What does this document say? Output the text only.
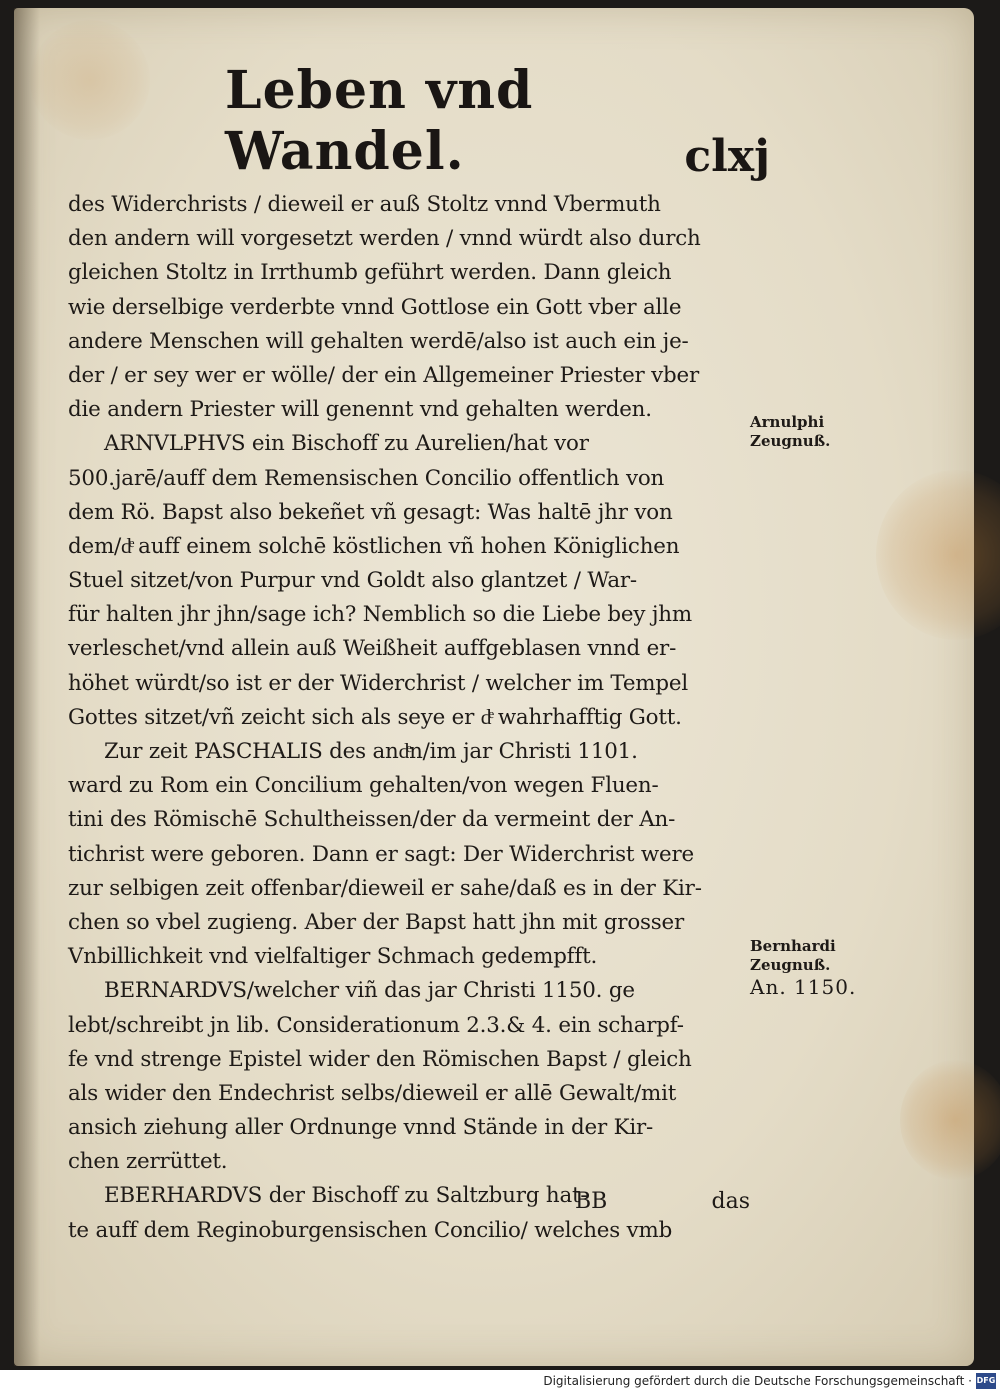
Leben vnd Wandel.	clxj
des Widerchrists / dieweil er auß Stoltz vnnd Vbermuth
den andern will vorgesetzt werden / vnnd würdt also durch
gleichen Stoltz in Irrthumb geführt werden. Dann gleich
wie derselbige verderbte vnnd Gottlose ein Gott vber alle
andere Menschen will gehalten werdē/also ist auch ein je-
der / er sey wer er wölle/ der ein Allgemeiner Priester vber
die andern Priester will genennt vnd gehalten werden.
ARNVLPHVS ein Bischoff zu Aurelien/hat vor
500.jarē/auff dem Remensischen Concilio offentlich von
dem Rö. Bapst also bekeñet vñ gesagt: Was haltē jhr von
dem/dͤ auff einem solchē köstlichen vñ hohen Königlichen
Stuel sitzet/von Purpur vnd Goldt also glantzet / War-
für halten jhr jhn/sage ich? Nemblich so die Liebe bey jhm
verleschet/vnd allein auß Weißheit auffgeblasen vnnd er-
höhet würdt/so ist er der Widerchrist / welcher im Tempel
Gottes sitzet/vñ zeicht sich als seye er dͤ wahrhafftig Gott.
Zur zeit PASCHALIS des andͤn/im jar Christi 1101.
ward zu Rom ein Concilium gehalten/von wegen Fluen-
tini des Römischē Schultheissen/der da vermeint der An-
tichrist were geboren. Dann er sagt: Der Widerchrist were
zur selbigen zeit offenbar/dieweil er sahe/daß es in der Kir-
chen so vbel zugieng. Aber der Bapst hatt jhn mit grosser
Vnbillichkeit vnd vielfaltiger Schmach gedempfft.
BERNARDVS/welcher viñ das jar Christi 1150. ge
lebt/schreibt jn lib. Considerationum 2.3.& 4. ein scharpf-
fe vnd strenge Epistel wider den Römischen Bapst / gleich
als wider den Endechrist selbs/dieweil er allē Gewalt/mit
ansich ziehung aller Ordnunge vnnd Stände in der Kir-
chen zerrüttet.
EBERHARDVS der Bischoff zu Saltzburg hat-
te auff dem Reginoburgensischen Concilio/ welches vmb
Arnulphi
Zeugnuß.
Bernhardi
Zeugnuß.
An. 1150.
BB	das
Digitalisierung gefördert durch die Deutsche Forschungsgemeinschaft · DFG
